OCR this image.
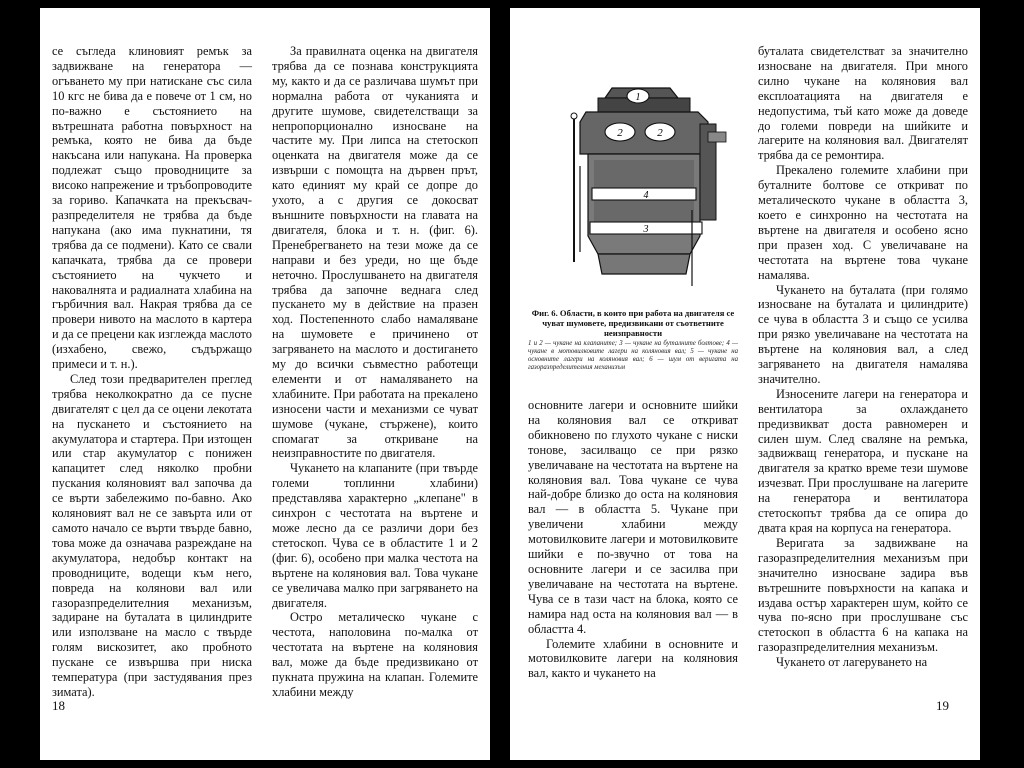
се съгледа клиновият ремък за задвижване на генератора — огъването му при натискане със сила 10 кгс не бива да е повече от 1 см, но по-важно е състоянието на вътрешната работна повърхност на ремъка, която не бива да бъде накъсана или напукана. На проверка подлежат също проводниците за високо напрежение и тръбопроводите за гориво. Капачката на прекъсвач-разпределителя не трябва да бъде напукана (ако има пукнатини, тя трябва да се подмени). Като се свали капачката, трябва да се провери състоянието на чукчето и наковалнята и радиалната хлабина на гърбичния вал. Накрая трябва да се провери нивото на маслото в картера и да се прецени как изглежда маслото (изхабено, свежо, съдържащо примеси и т. н.).

След този предварителен преглед трябва неколкократно да се пусне двигателят с цел да се оцени лекотата на пускането и състоянието на акумулатора и стартера. При изтощен или стар акумулатор с понижен капацитет след няколко пробни пускания коляновият вал започва да се върти забележимо по-бавно. Ако коляновият вал не се завърта или от самото начало се върти твърде бавно, това може да означава разреждане на акумулатора, недобър контакт на проводниците, водещи към него, повреда на колянови вал или газоразпределителния механизъм, задиране на буталата в цилиндрите или използване на масло с твърде голям вискозитет, ако пробното пускане се извършва при ниска температура (при застудявания през зимата).

За правилната оценка на двигателя трябва да се познава конструкцията му, както и да се различава шумът при нормална работа от чуканията и другите шумове, свидетелстващи за непропорционално износване на частите му. При липса на стетоскоп оценката на двигателя може да се извърши с помощта на дървен прът, като единият му край се допре до ухото, а с другия се докосват външните повърхности на главата на двигателя, блока и т. н. (фиг. 6). Пренебрегването на тези може да се направи и без уреди, но ще бъде неточно. Прослушването на двигателя трябва да започне веднага след пускането му в действие на празен ход. Постепенното слабо намаляване на шумовете е причинено от загряването на маслото и достигането му до всички съвместно работещи елементи и от намаляването на хлабините. При работата на прекалено износени части и механизми се чуват шумове (чукане, стържене), които спомагат за откриване на неизправностите по двигателя.

Чукането на клапаните (при твърде големи топлинни хлабини) представлява характерно „клепане" в синхрон с честотата на въртене и може лесно да се различи дори без стетоскоп. Чува се в областите 1 и 2 (фиг. 6), особено при малка честота на въртене на коляновия вал. Това чукане се увеличава малко при загряването на двигателя.

Остро металическо чукане с честота, наполовина по-малка от честотата на въртене на коляновия вал, може да бъде предизвикано от пукната пружина на клапан. Големите хлабини между

18
1
2	2
4
3
Фиг. 6. Области, в които при работа на двигателя се чуват шумовете, предизвикани от съответните неизправности
1 и 2 — чукане на клапаните; 3 — чукане на буталните болтове; 4 — чукане в мотовилковите лагери на коляновия вал; 5 — чукане на основните лагери на коляновия вал; 6 — шум от веригата на газоразпределителния механизъм

основните лагери и основните шийки на коляновия вал се откриват обикновено по глухото чукане с ниски тонове, засилващо се при рязко увеличаване на честотата на въртене на коляновия вал. Това чукане се чува най-добре близко до оста на коляновия вал — в областта 5. Чукане при увеличени хлабини между мотовилковите лагери и мотовилковите шийки е по-звучно от това на основните лагери и се засилва при увеличаване на честотата на въртене. Чува се в тази част на блока, която се намира над оста на коляновия вал — в областта 4.

Големите хлабини в основните и мотовилковите лагери на коляновия вал, както и чукането на

буталата свидетелстват за значително износване на двигателя. При много силно чукане на коляновия вал експлоатацията на двигателя е недопустима, тъй като може да доведе до големи повреди на шийките и лагерите на коляновия вал. Двигателят трябва да се ремонтира.

Прекалено големите хлабини при буталните болтове се откриват по металическото чукане в областта 3, което е синхронно на честотата на въртене на двигателя и особено ясно при празен ход. С увеличаване на честотата на въртене това чукане намалява.

Чукането на буталата (при голямо износване на буталата и цилиндрите) се чува в областта 3 и също се усилва при рязко увеличаване на честотата на въртене на коляновия вал, а след загряването на двигателя намалява значително.

Износените лагери на генератора и вентилатора за охлаждането предизвикват доста равномерен и силен шум. След сваляне на ремъка, задвижващ генератора, и пускане на двигателя за кратко време тези шумове изчезват. При прослушване на лагерите на генератора и вентилатора стетоскопът трябва да се опира до двата края на корпуса на генератора.

Веригата за задвижване на газоразпределителния механизъм при значително износване задира във вътрешните повърхности на капака и издава остър характерен шум, който се чува по-ясно при прослушване със стетоскоп в областта 6 на капака на газоразпределителния механизъм.

Чукането от лагеруването на

19
